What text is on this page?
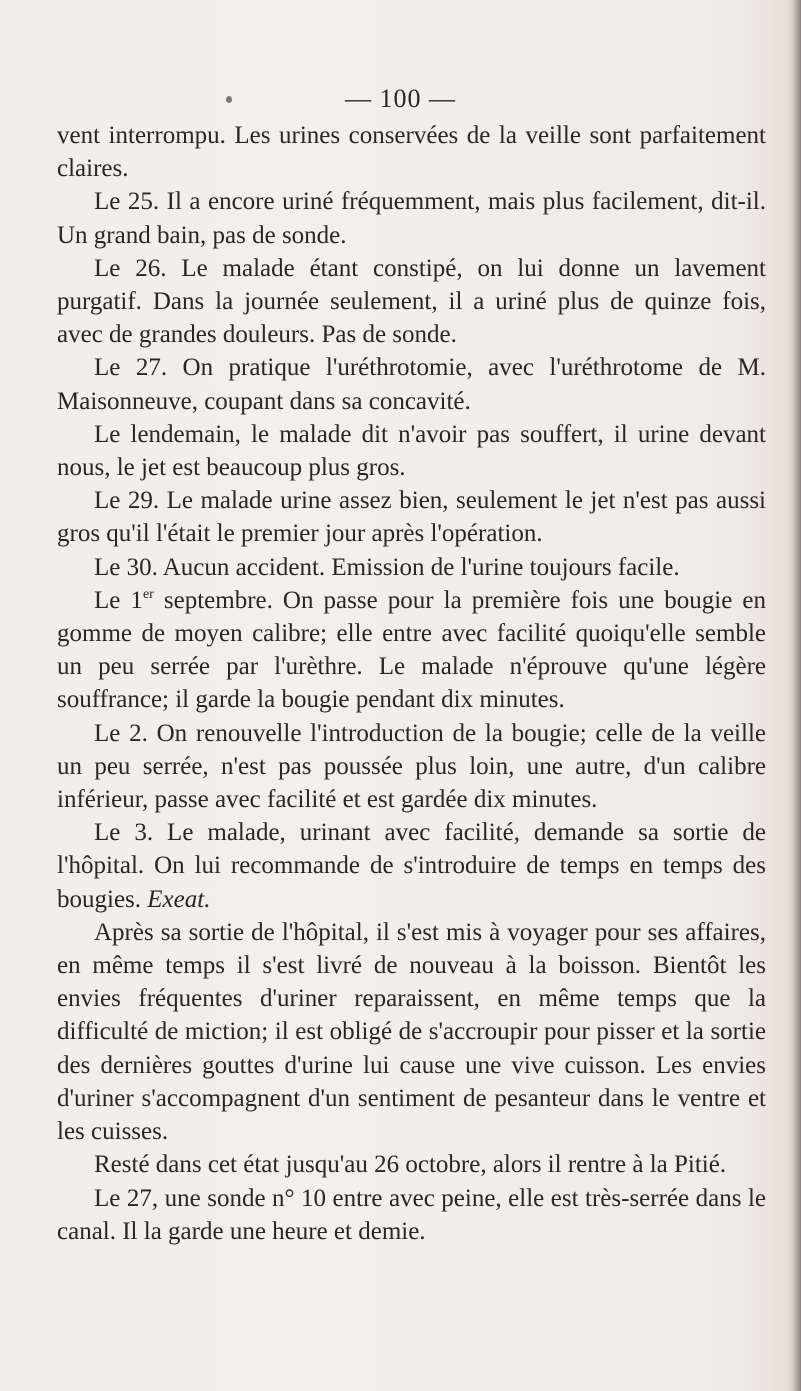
— 100 —

vent interrompu. Les urines conservées de la veille sont parfaitement claires.

Le 25. Il a encore uriné fréquemment, mais plus facilement, dit-il. Un grand bain, pas de sonde.

Le 26. Le malade étant constipé, on lui donne un lavement purgatif. Dans la journée seulement, il a uriné plus de quinze fois, avec de grandes douleurs. Pas de sonde.

Le 27. On pratique l'uréthrotomie, avec l'uréthrotome de M. Maisonneuve, coupant dans sa concavité.

Le lendemain, le malade dit n'avoir pas souffert, il urine devant nous, le jet est beaucoup plus gros.

Le 29. Le malade urine assez bien, seulement le jet n'est pas aussi gros qu'il l'était le premier jour après l'opération.

Le 30. Aucun accident. Emission de l'urine toujours facile.

Le 1er septembre. On passe pour la première fois une bougie en gomme de moyen calibre; elle entre avec facilité quoiqu'elle semble un peu serrée par l'urèthre. Le malade n'éprouve qu'une légère souffrance; il garde la bougie pendant dix minutes.

Le 2. On renouvelle l'introduction de la bougie; celle de la veille un peu serrée, n'est pas poussée plus loin, une autre, d'un calibre inférieur, passe avec facilité et est gardée dix minutes.

Le 3. Le malade, urinant avec facilité, demande sa sortie de l'hôpital. On lui recommande de s'introduire de temps en temps des bougies. Exeat.

Après sa sortie de l'hôpital, il s'est mis à voyager pour ses affaires, en même temps il s'est livré de nouveau à la boisson. Bientôt les envies fréquentes d'uriner reparaissent, en même temps que la difficulté de miction; il est obligé de s'accroupir pour pisser et la sortie des dernières gouttes d'urine lui cause une vive cuisson. Les envies d'uriner s'accompagnent d'un sentiment de pesanteur dans le ventre et les cuisses.

Resté dans cet état jusqu'au 26 octobre, alors il rentre à la Pitié.

Le 27, une sonde n° 10 entre avec peine, elle est très-serrée dans le canal. Il la garde une heure et demie.
